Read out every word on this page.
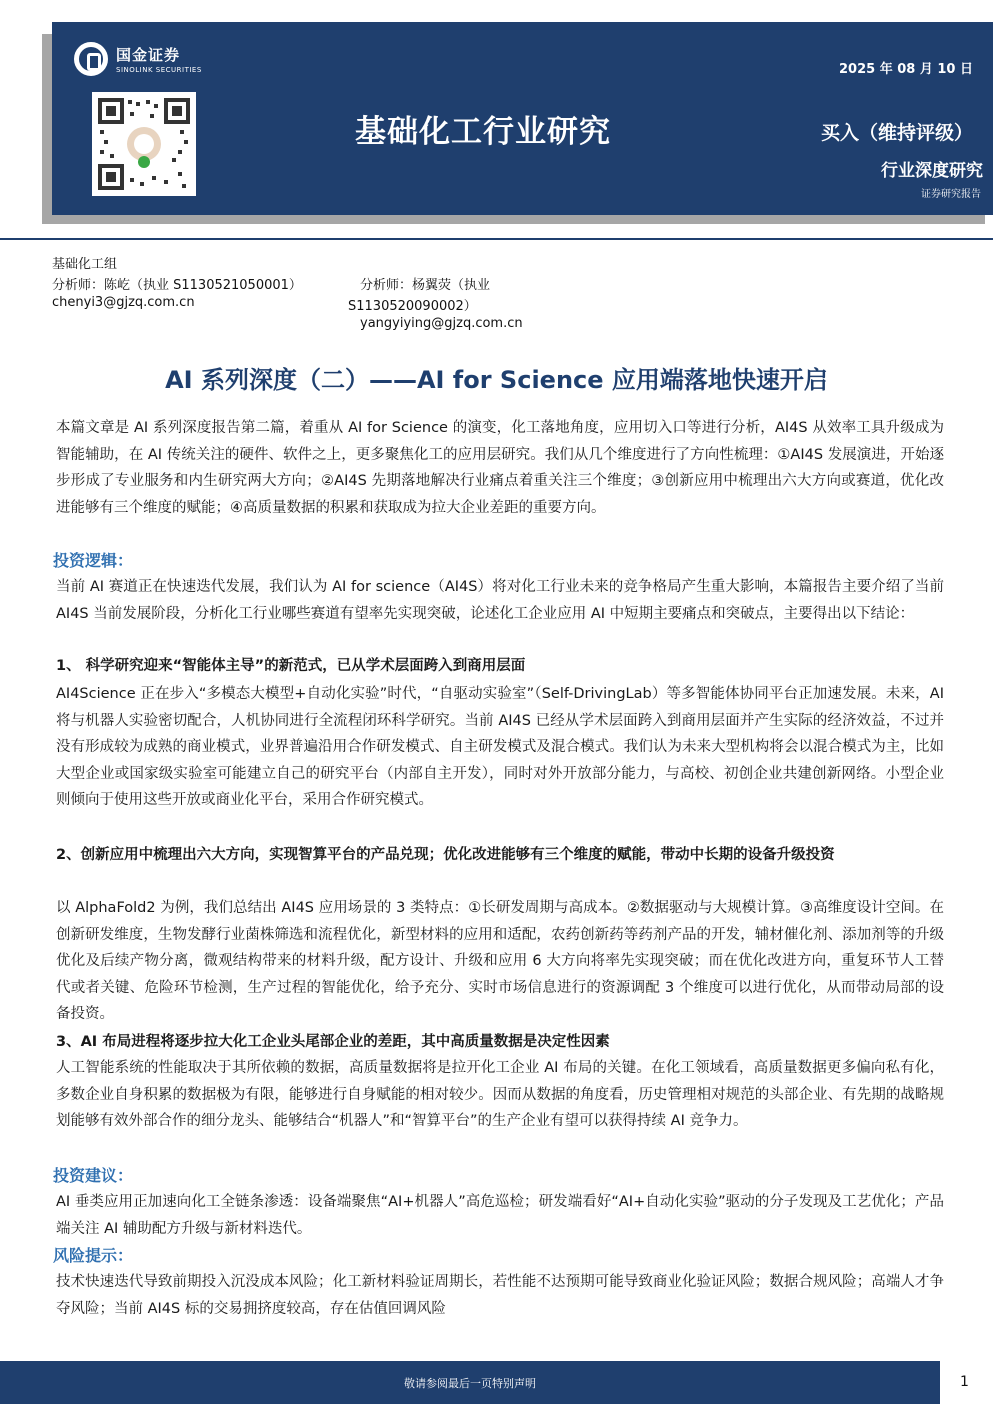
国金证券
SINOLINK SECURITIES
基础化工行业研究
2025 年 08 月 10 日
买入（维持评级）
行业深度研究
证券研究报告
基础化工组
分析师：陈屹（执业 S1130521050001）
chenyi3@gjzq.com.cn
分析师：杨翼荧（执业
S1130520090002）
yangyiying@gjzq.com.cn
AI 系列深度（二）——AI for Science 应用端落地快速开启

本篇文章是 AI 系列深度报告第二篇，着重从 AI for Science 的演变，化工落地角度，应用切入口等进行分析，AI4S 从效率工具升级成为智能辅助，在 AI 传统关注的硬件、软件之上，更多聚焦化工的应用层研究。我们从几个维度进行了方向性梳理：①AI4S 发展演进，开始逐步形成了专业服务和内生研究两大方向；②AI4S 先期落地解决行业痛点着重关注三个维度；③创新应用中梳理出六大方向或赛道，优化改进能够有三个维度的赋能；④高质量数据的积累和获取成为拉大企业差距的重要方向。

投资逻辑：

当前 AI 赛道正在快速迭代发展，我们认为 AI for science（AI4S）将对化工行业未来的竞争格局产生重大影响，本篇报告主要介绍了当前 AI4S 当前发展阶段，分析化工行业哪些赛道有望率先实现突破，论述化工企业应用 AI 中短期主要痛点和突破点，主要得出以下结论：

1、 科学研究迎来“智能体主导”的新范式，已从学术层面跨入到商用层面

AI4Science 正在步入“多模态大模型+自动化实验”时代，“自驱动实验室”（Self-DrivingLab）等多智能体协同平台正加速发展。未来，AI 将与机器人实验密切配合，人机协同进行全流程闭环科学研究。当前 AI4S 已经从学术层面跨入到商用层面并产生实际的经济效益，不过并没有形成较为成熟的商业模式，业界普遍沿用合作研发模式、自主研发模式及混合模式。我们认为未来大型机构将会以混合模式为主，比如大型企业或国家级实验室可能建立自己的研究平台（内部自主开发），同时对外开放部分能力，与高校、初创企业共建创新网络。小型企业则倾向于使用这些开放或商业化平台，采用合作研究模式。

2、创新应用中梳理出六大方向，实现智算平台的产品兑现；优化改进能够有三个维度的赋能，带动中长期的设备升级投资

以 AlphaFold2 为例，我们总结出 AI4S 应用场景的 3 类特点：①长研发周期与高成本。②数据驱动与大规模计算。③高维度设计空间。在创新研发维度，生物发酵行业菌株筛选和流程优化，新型材料的应用和适配，农药创新药等药剂产品的开发，辅材催化剂、添加剂等的升级优化及后续产物分离，微观结构带来的材料升级，配方设计、升级和应用 6 大方向将率先实现突破；而在优化改进方向，重复环节人工替代或者关键、危险环节检测，生产过程的智能优化，给予充分、实时市场信息进行的资源调配 3 个维度可以进行优化，从而带动局部的设备投资。

3、AI 布局进程将逐步拉大化工企业头尾部企业的差距，其中高质量数据是决定性因素

人工智能系统的性能取决于其所依赖的数据，高质量数据将是拉开化工企业 AI 布局的关键。在化工领域看，高质量数据更多偏向私有化，多数企业自身积累的数据极为有限，能够进行自身赋能的相对较少。因而从数据的角度看，历史管理相对规范的头部企业、有先期的战略规划能够有效外部合作的细分龙头、能够结合“机器人”和“智算平台”的生产企业有望可以获得持续 AI 竞争力。

投资建议：

AI 垂类应用正加速向化工全链条渗透：设备端聚焦“AI+机器人”高危巡检；研发端看好“AI+自动化实验”驱动的分子发现及工艺优化；产品端关注 AI 辅助配方升级与新材料迭代。

风险提示：

技术快速迭代导致前期投入沉没成本风险；化工新材料验证周期长，若性能不达预期可能导致商业化验证风险；数据合规风险；高端人才争夺风险；当前 AI4S 标的交易拥挤度较高，存在估值回调风险

敬请参阅最后一页特别声明	1
